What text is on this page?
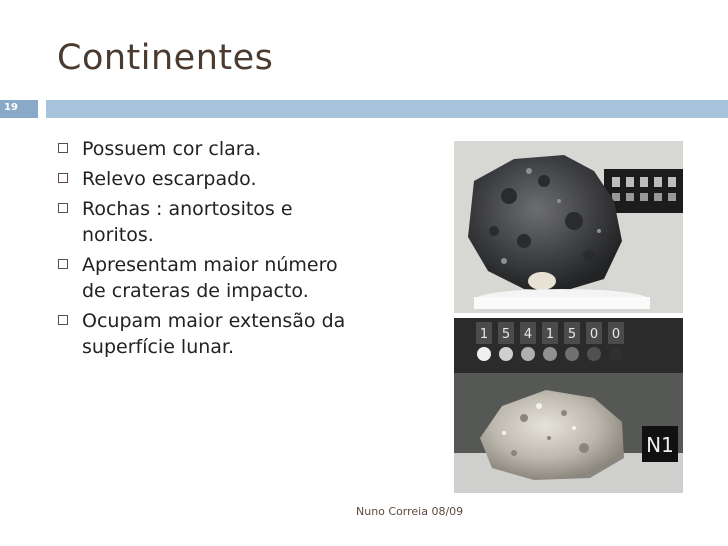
Continentes
19
Possuem cor clara.
Relevo escarpado.
Rochas : anortositos e noritos.
Apresentam maior número de crateras de impacto.
Ocupam maior extensão da superfície lunar.
1 5 4 1 5 0 0
N1
Nuno Correia 08/09
